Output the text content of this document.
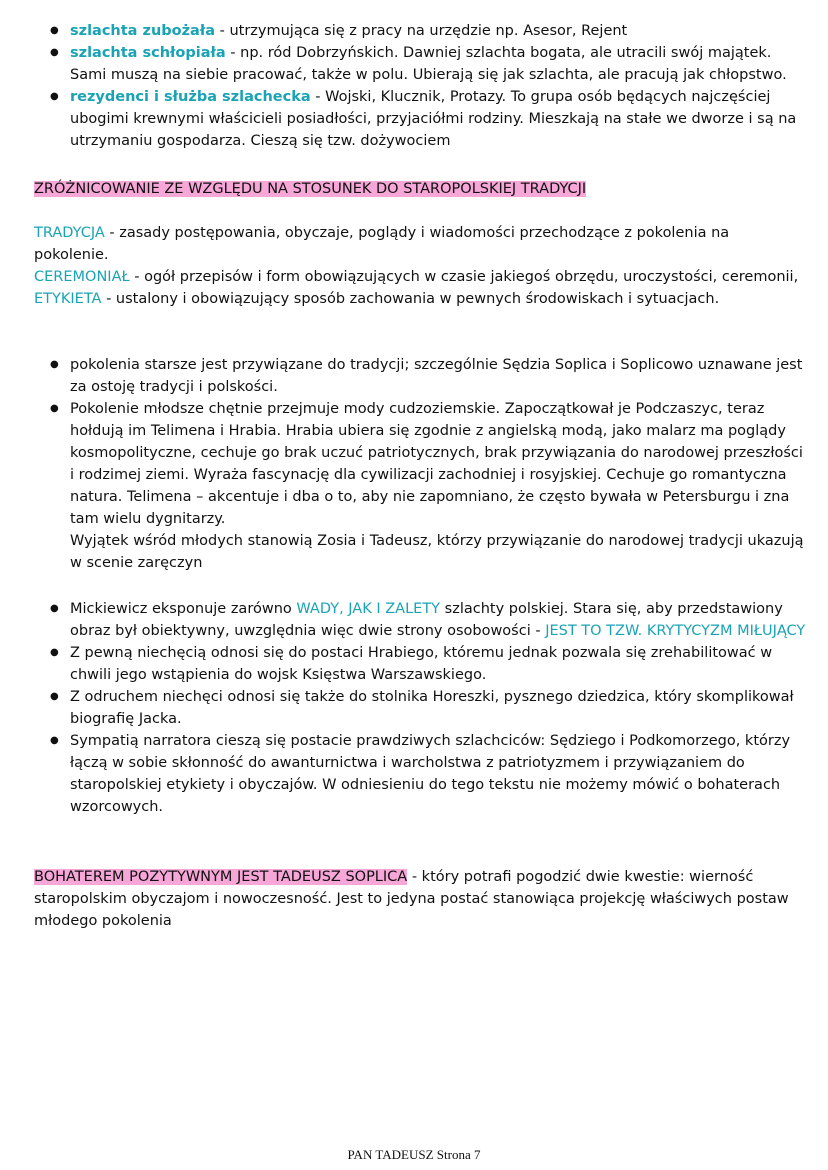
● szlachta zubożała - utrzymująca się z pracy na urzędzie np. Asesor, Rejent
● szlachta schłopiała - np. ród Dobrzyńskich. Dawniej szlachta bogata, ale utracili swój majątek. Sami muszą na siebie pracować, także w polu. Ubierają się jak szlachta, ale pracują jak chłopstwo.
● rezydenci i służba szlachecka - Wojski, Klucznik, Protazy. To grupa osób będących najczęściej ubogimi krewnymi właścicieli posiadłości, przyjaciółmi rodziny. Mieszkają na stałe we dworze i są na utrzymaniu gospodarza. Cieszą się tzw. dożywociem
ZRÓŻNICOWANIE ZE WZGLĘDU NA STOSUNEK DO STAROPOLSKIEJ TRADYCJI
TRADYCJA - zasady postępowania, obyczaje, poglądy i wiadomości przechodzące z pokolenia na pokolenie.
CEREMONIAŁ - ogół przepisów i form obowiązujących w czasie jakiegoś obrzędu, uroczystości, ceremonii,
ETYKIETA - ustalony i obowiązujący sposób zachowania w pewnych środowiskach i sytuacjach.
● pokolenia starsze jest przywiązane do tradycji; szczególnie Sędzia Soplica i Soplicowo uznawane jest za ostoję tradycji i polskości.
● Pokolenie młodsze chętnie przejmuje mody cudzoziemskie. Zapoczątkował je Podczaszyc, teraz hołdują im Telimena i Hrabia. Hrabia ubiera się zgodnie z angielską modą, jako malarz ma poglądy kosmopolityczne, cechuje go brak uczuć patriotycznych, brak przywiązania do narodowej przeszłości i rodzimej ziemi. Wyraża fascynację dla cywilizacji zachodniej i rosyjskiej. Cechuje go romantyczna natura. Telimena – akcentuje i dba o to, aby nie zapomniano, że często bywała w Petersburgu i zna tam wielu dygnitarzy.
Wyjątek wśród młodych stanowią Zosia i Tadeusz, którzy przywiązanie do narodowej tradycji ukazują w scenie zaręczyn
● Mickiewicz eksponuje zarówno WADY, JAK I ZALETY szlachty polskiej. Stara się, aby przedstawiony obraz był obiektywny, uwzględnia więc dwie strony osobowości - JEST TO TZW. KRYTYCYZM MIŁUJĄCY
● Z pewną niechęcią odnosi się do postaci Hrabiego, któremu jednak pozwala się zrehabilitować w chwili jego wstąpienia do wojsk Księstwa Warszawskiego.
● Z odruchem niechęci odnosi się także do stolnika Horeszki, pysznego dziedzica, który skomplikował biografię Jacka.
● Sympatią narratora cieszą się postacie prawdziwych szlachciców: Sędziego i Podkomorzego, którzy łączą w sobie skłonność do awanturnictwa i warcholstwa z patriotyzmem i przywiązaniem do staropolskiej etykiety i obyczajów. W odniesieniu do tego tekstu nie możemy mówić o bohaterach wzorcowych.
BOHATEREM POZYTYWNYM JEST TADEUSZ SOPLICA - który potrafi pogodzić dwie kwestie: wierność staropolskim obyczajom i nowoczesność. Jest to jedyna postać stanowiąca projekcję właściwych postaw młodego pokolenia
PAN TADEUSZ Strona 7
